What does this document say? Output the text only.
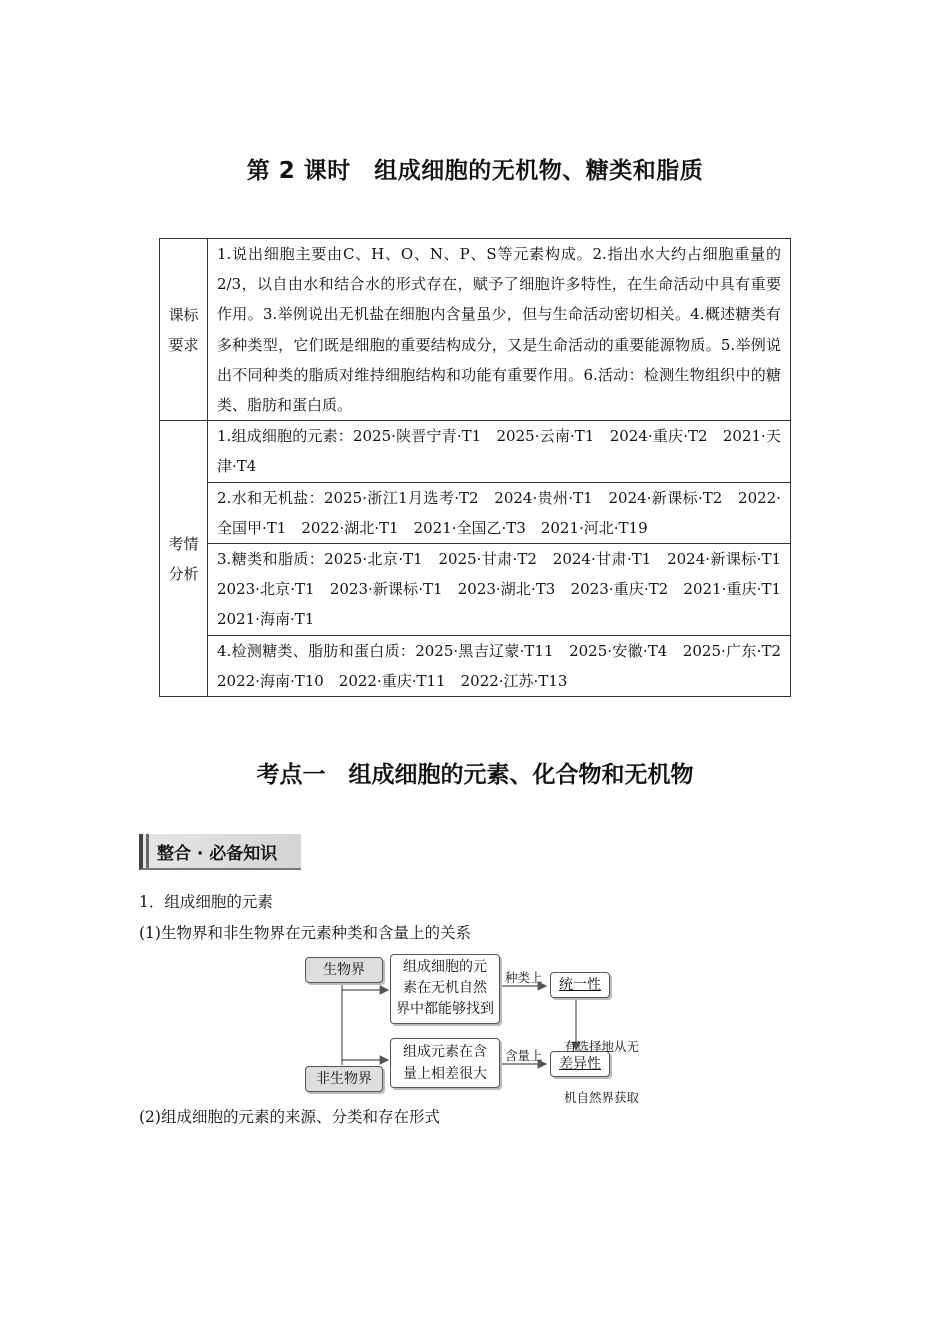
第 2 课时　组成细胞的无机物、糖类和脂质
课标
要求	1.说出细胞主要由C、H、O、N、P、S等元素构成。2.指出水大约占细胞重量的2/3，以自由水和结合水的形式存在，赋予了细胞许多特性，在生命活动中具有重要作用。3.举例说出无机盐在细胞内含量虽少，但与生命活动密切相关。4.概述糖类有多种类型，它们既是细胞的重要结构成分，又是生命活动的重要能源物质。5.举例说出不同种类的脂质对维持细胞结构和功能有重要作用。6.活动：检测生物组织中的糖类、脂肪和蛋白质。

考情
分析	1.组成细胞的元素：2025·陕晋宁青·T1　2025·云南·T1　2024·重庆·T2　2021·天津·T4
	2.水和无机盐：2025·浙江1月选考·T2　2024·贵州·T1　2024·新课标·T2　2022·全国甲·T1　2022·湖北·T1　2021·全国乙·T3　2021·河北·T19
	3.糖类和脂质：2025·北京·T1　2025·甘肃·T2　2024·甘肃·T1　2024·新课标·T1　2023·北京·T1　2023·新课标·T1　2023·湖北·T3　2023·重庆·T2　2021·重庆·T1　2021·海南·T1
	4.检测糖类、脂肪和蛋白质：2025·黑吉辽蒙·T11　2025·安徽·T4　2025·广东·T2　2022·海南·T10　2022·重庆·T11　2022·江苏·T13
考点一　组成细胞的元素、化合物和无机物
整合 · 必备知识
1．组成细胞的元素
(1)生物界和非生物界在元素种类和含量上的关系
生物界
非生物界
组成细胞的元
素在无机自然
界中都能够找到
组成元素在含
量上相差很大
种类上
含量上
统一性
差异性

有选择地从无

机自然界获取

(2)组成细胞的元素的来源、分类和存在形式
